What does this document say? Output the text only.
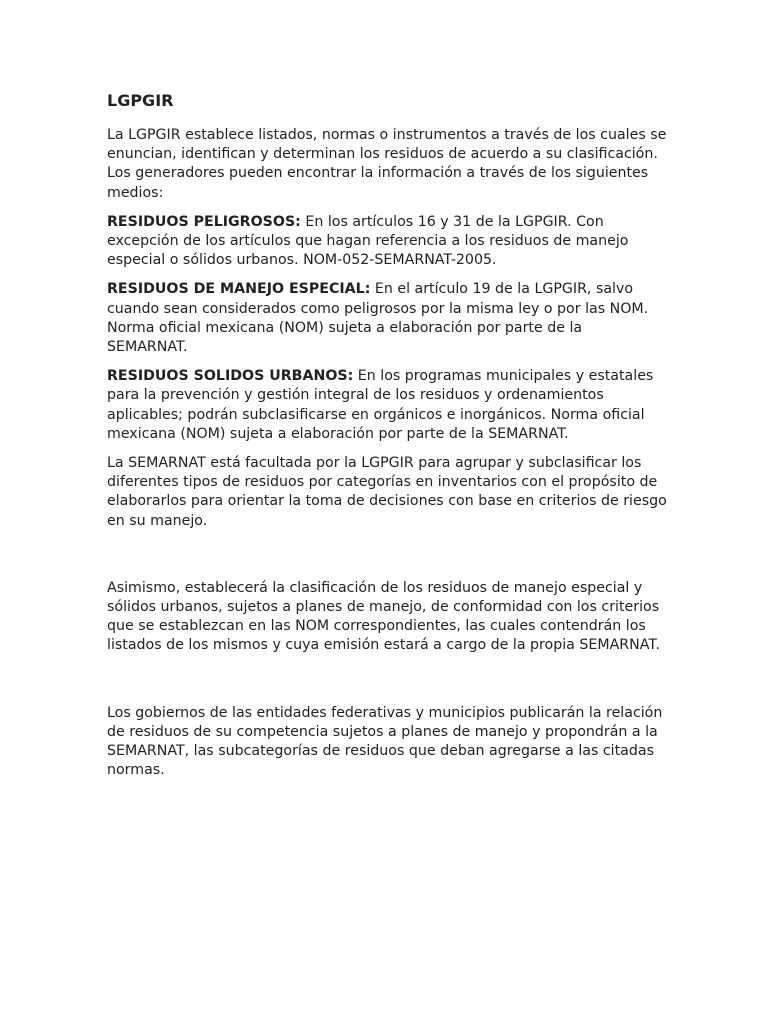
LGPGIR

La LGPGIR establece listados, normas o instrumentos a través de los cuales se enuncian, identifican y determinan los residuos de acuerdo a su clasificación. Los generadores pueden encontrar la información a través de los siguientes medios:

RESIDUOS PELIGROSOS: En los artículos 16 y 31 de la LGPGIR. Con excepción de los artículos que hagan referencia a los residuos de manejo especial o sólidos urbanos. NOM-052-SEMARNAT-2005.

RESIDUOS DE MANEJO ESPECIAL: En el artículo 19 de la LGPGIR, salvo cuando sean considerados como peligrosos por la misma ley o por las NOM. Norma oficial mexicana (NOM) sujeta a elaboración por parte de la SEMARNAT.

RESIDUOS SOLIDOS URBANOS: En los programas municipales y estatales para la prevención y gestión integral de los residuos y ordenamientos aplicables; podrán subclasificarse en orgánicos e inorgánicos. Norma oficial mexicana (NOM) sujeta a elaboración por parte de la SEMARNAT.

La SEMARNAT está facultada por la LGPGIR para agrupar y subclasificar los diferentes tipos de residuos por categorías en inventarios con el propósito de elaborarlos para orientar la toma de decisiones con base en criterios de riesgo en su manejo.

Asimismo, establecerá la clasificación de los residuos de manejo especial y sólidos urbanos, sujetos a planes de manejo, de conformidad con los criterios que se establezcan en las NOM correspondientes, las cuales contendrán los listados de los mismos y cuya emisión estará a cargo de la propia SEMARNAT.

Los gobiernos de las entidades federativas y municipios publicarán la relación de residuos de su competencia sujetos a planes de manejo y propondrán a la SEMARNAT, las subcategorías de residuos que deban agregarse a las citadas normas.
